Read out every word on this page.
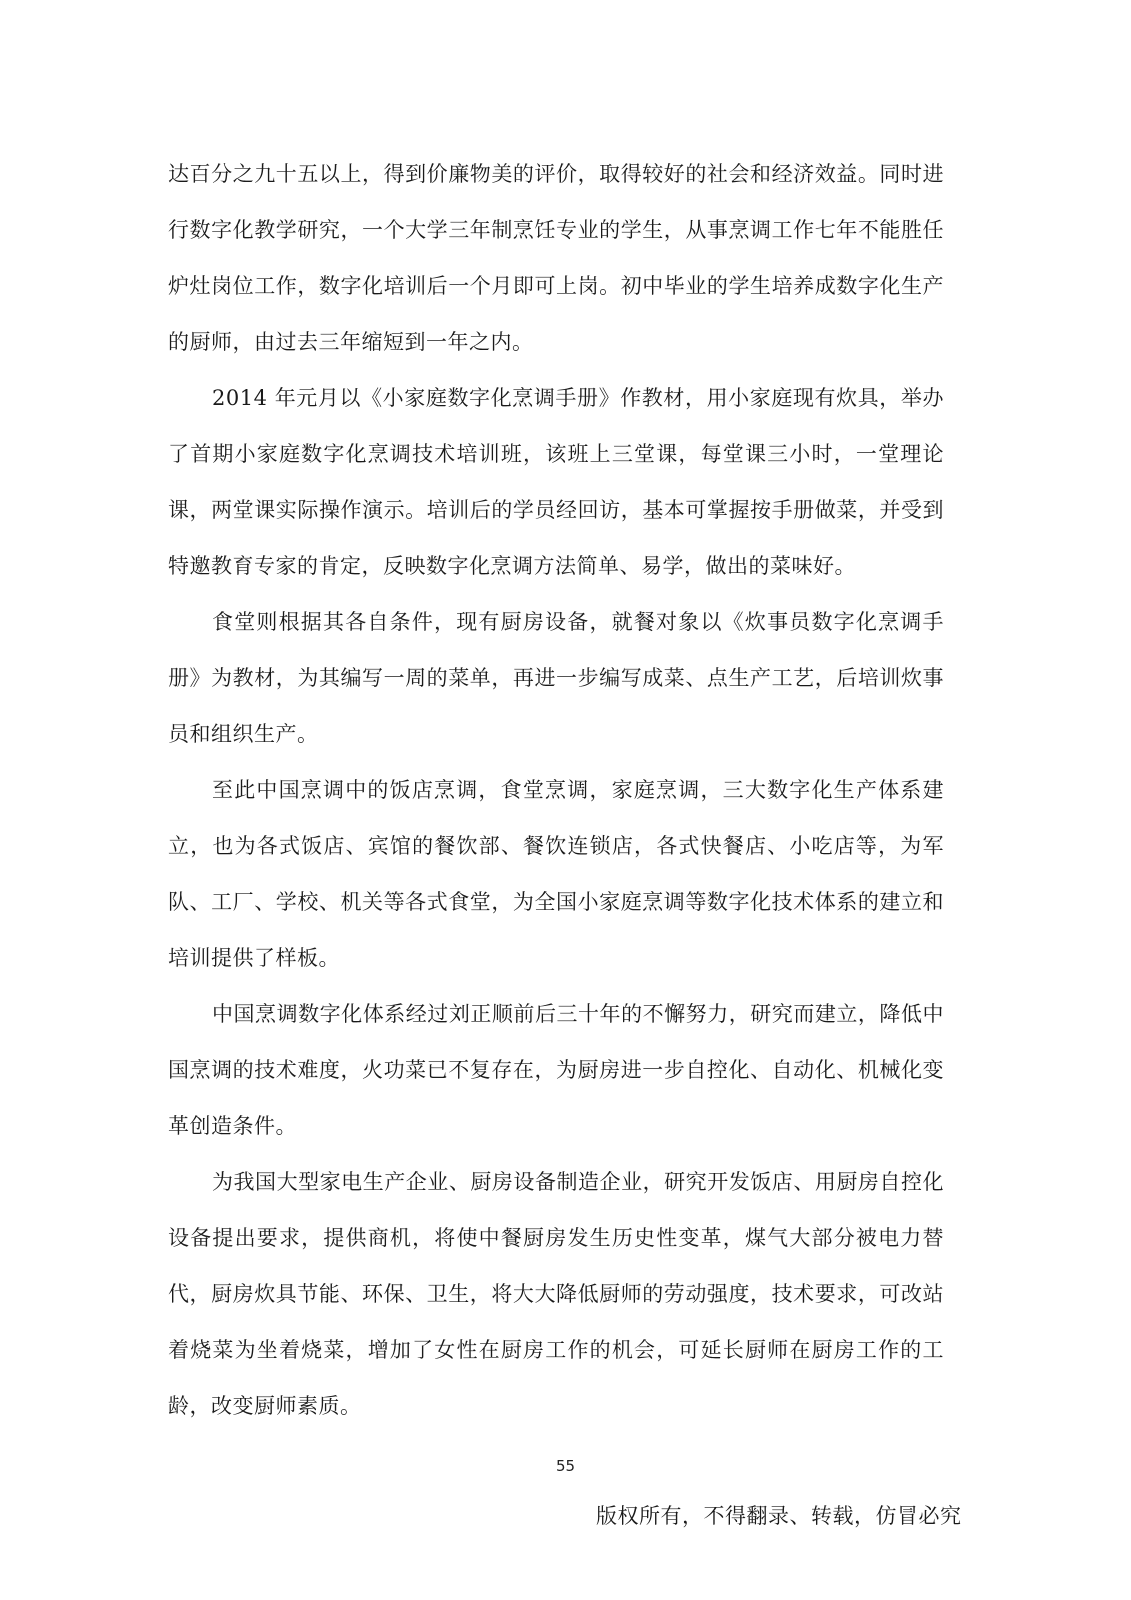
达百分之九十五以上，得到价廉物美的评价，取得较好的社会和经济效益。同时进行数字化教学研究，一个大学三年制烹饪专业的学生，从事烹调工作七年不能胜任炉灶岗位工作，数字化培训后一个月即可上岗。初中毕业的学生培养成数字化生产的厨师，由过去三年缩短到一年之内。

2014 年元月以《小家庭数字化烹调手册》作教材，用小家庭现有炊具，举办了首期小家庭数字化烹调技术培训班，该班上三堂课，每堂课三小时，一堂理论课，两堂课实际操作演示。培训后的学员经回访，基本可掌握按手册做菜，并受到特邀教育专家的肯定，反映数字化烹调方法简单、易学，做出的菜味好。

食堂则根据其各自条件，现有厨房设备，就餐对象以《炊事员数字化烹调手册》为教材，为其编写一周的菜单，再进一步编写成菜、点生产工艺，后培训炊事员和组织生产。

至此中国烹调中的饭店烹调，食堂烹调，家庭烹调，三大数字化生产体系建立，也为各式饭店、宾馆的餐饮部、餐饮连锁店，各式快餐店、小吃店等，为军队、工厂、学校、机关等各式食堂，为全国小家庭烹调等数字化技术体系的建立和培训提供了样板。

中国烹调数字化体系经过刘正顺前后三十年的不懈努力，研究而建立，降低中国烹调的技术难度，火功菜已不复存在，为厨房进一步自控化、自动化、机械化变革创造条件。

为我国大型家电生产企业、厨房设备制造企业，研究开发饭店、用厨房自控化设备提出要求，提供商机，将使中餐厨房发生历史性变革，煤气大部分被电力替代，厨房炊具节能、环保、卫生，将大大降低厨师的劳动强度，技术要求，可改站着烧菜为坐着烧菜，增加了女性在厨房工作的机会，可延长厨师在厨房工作的工龄，改变厨师素质。

55
版权所有，不得翻录、转载，仿冒必究
